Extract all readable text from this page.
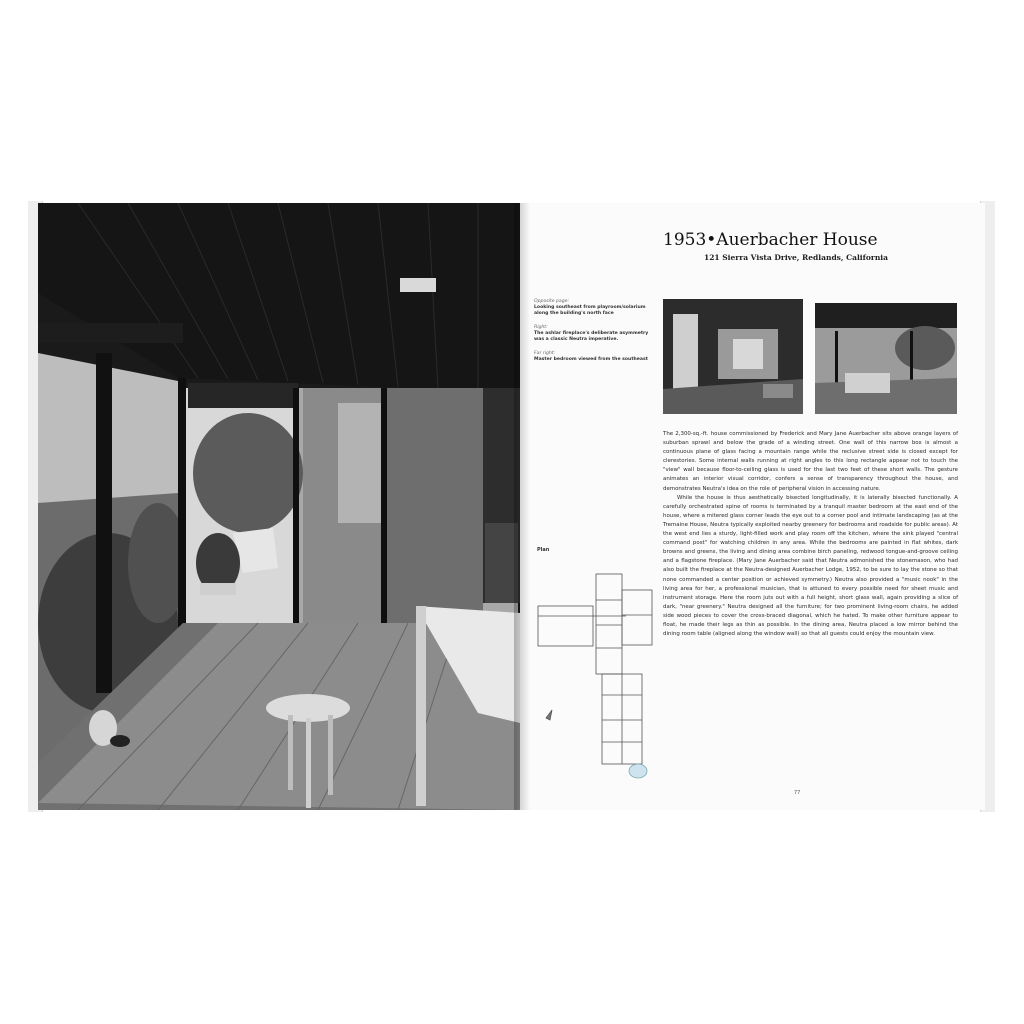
1953•Auerbacher House
121 Sierra Vista Drive, Redlands, California
Opposite page:
Looking southeast from playroom/solarium along the building's north face
Right:
The ashlar fireplace's deliberate asymmetry was a classic Neutra imperative.
Far right:
Master bedroom viewed from the southeast

The 2,300-sq.-ft. house commissioned by Frederick and Mary Jane Auerbacher sits above orange layers of suburban sprawl and below the grade of a winding street. One wall of this narrow box is almost a continuous plane of glass facing a mountain range while the reclusive street side is closed except for clerestories. Some internal walls running at right angles to this long rectangle appear not to touch the "view" wall because floor-to-ceiling glass is used for the last two feet of these short walls. The gesture animates an interior visual corridor, confers a sense of transparency throughout the house, and demonstrates Neutra's idea on the role of peripheral vision in accessing nature.

While the house is thus aesthetically bisected longitudinally, it is laterally bisected functionally. A carefully orchestrated spine of rooms is terminated by a tranquil master bedroom at the east end of the house, where a mitered glass corner leads the eye out to a corner pool and intimate landscaping (as at the Tremaine House, Neutra typically exploited nearby greenery for bedrooms and roadside for public areas). At the west end lies a sturdy, light-filled work and play room off the kitchen, where the sink played "central command post" for watching children in any area. While the bedrooms are painted in flat whites, dark browns and greens, the living and dining area combine birch paneling, redwood tongue-and-groove ceiling and a flagstone fireplace. (Mary Jane Auerbacher said that Neutra admonished the stonemason, who had also built the fireplace at the Neutra-designed Auerbacher Lodge, 1952, to be sure to lay the stone so that none commanded a center position or achieved symmetry.) Neutra also provided a "music nook" in the living area for her, a professional musician, that is attuned to every possible need for sheet music and instrument storage. Here the room juts out with a full height, short glass wall, again providing a slice of dark, "near greenery." Neutra designed all the furniture; for two prominent living-room chairs, he added side wood pieces to cover the cross-braced diagonal, which he hated. To make other furniture appear to float, he made their legs as thin as possible. In the dining area, Neutra placed a low mirror behind the dining room table (aligned along the window wall) so that all guests could enjoy the mountain view.

Plan
77
